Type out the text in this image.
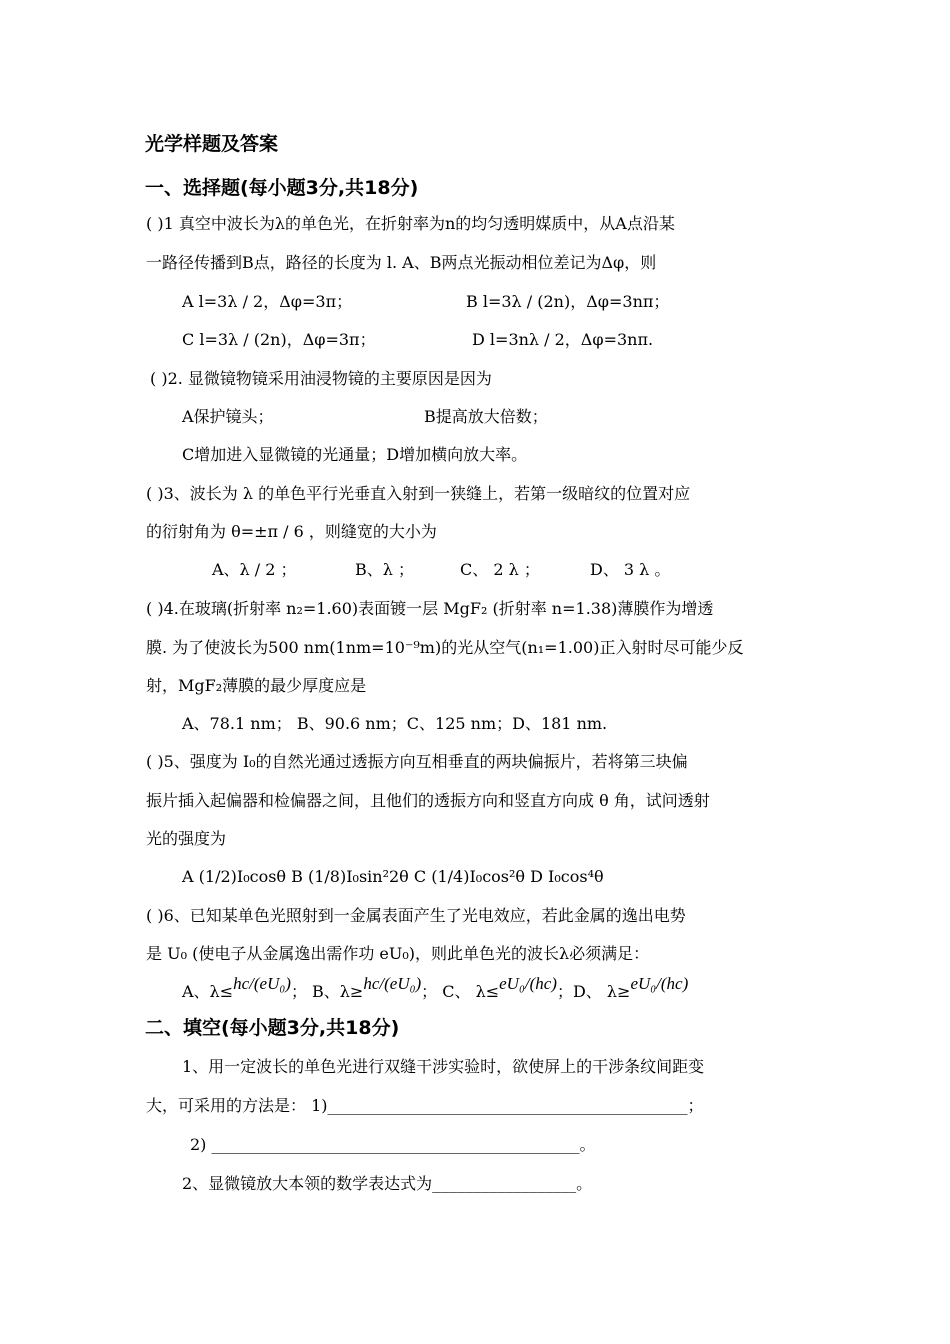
光学样题及答案
一、选择题(每小题3分,共18分)
( )1 真空中波长为λ的单色光，在折射率为n的均匀透明媒质中，从A点沿某
一路径传播到B点，路径的长度为 l. A、B两点光振动相位差记为Δφ，则
A l=3λ / 2，Δφ=3π；	B l=3λ / (2n)，Δφ=3nπ；
C l=3λ / (2n)，Δφ=3π；	D l=3nλ / 2，Δφ=3nπ.
( )2. 显微镜物镜采用油浸物镜的主要原因是因为
A保护镜头；	B提高放大倍数；
C增加进入显微镜的光通量；D增加横向放大率。
( )3、波长为 λ 的单色平行光垂直入射到一狭缝上，若第一级暗纹的位置对应
的衍射角为 θ=±π / 6 ，则缝宽的大小为
A、λ / 2 ；	B、λ ；	C、 2 λ ；	D、 3 λ 。
( )4.在玻璃(折射率 n₂=1.60)表面镀一层 MgF₂ (折射率 n=1.38)薄膜作为增透
膜. 为了使波长为500 nm(1nm=10⁻⁹m)的光从空气(n₁=1.00)正入射时尽可能少反
射，MgF₂薄膜的最少厚度应是
A、78.1 nm； B、90.6 nm；C、125 nm；D、181 nm.
( )5、强度为 I₀的自然光通过透振方向互相垂直的两块偏振片，若将第三块偏
振片插入起偏器和检偏器之间，且他们的透振方向和竖直方向成 θ 角，试问透射
光的强度为
A (1/2)I₀cosθ B (1/8)I₀sin²2θ C (1/4)I₀cos²θ D I₀cos⁴θ
( )6、已知某单色光照射到一金属表面产生了光电效应，若此金属的逸出电势
是 U₀ (使电子从金属逸出需作功 eU₀)，则此单色光的波长λ必须满足：
A、λ≤hc/(eU₀)； B、λ≥hc/(eU₀)； C、 λ≤eU₀/(hc)；D、 λ≥eU₀/(hc)
二、填空(每小题3分,共18分)
1、用一定波长的单色光进行双缝干涉实验时，欲使屏上的干涉条纹间距变
大，可采用的方法是： 1)_____________________________________________；
2) ______________________________________________。
2、显微镜放大本领的数学表达式为__________________。
